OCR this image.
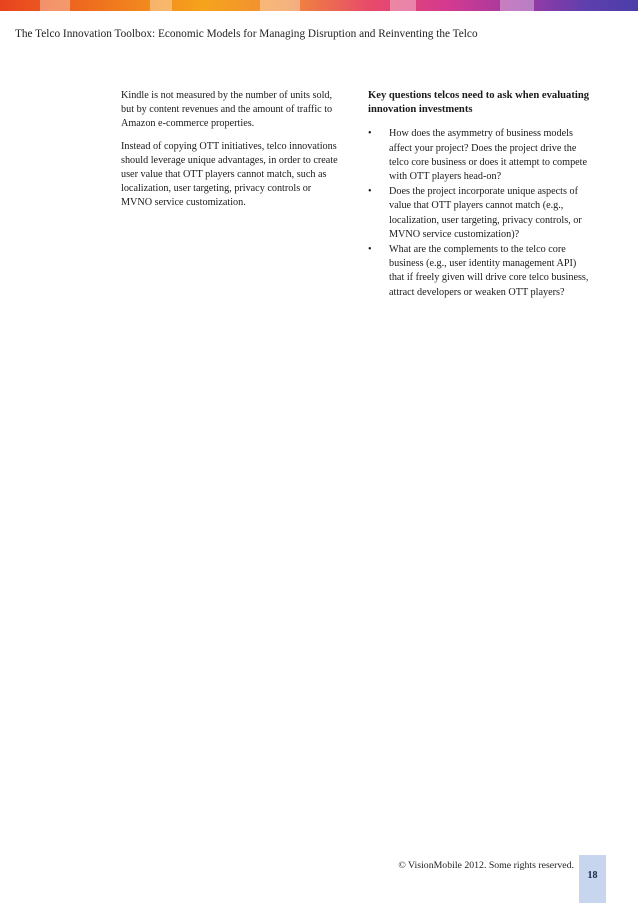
The Telco Innovation Toolbox: Economic Models for Managing Disruption and Reinventing the Telco

Kindle is not measured by the number of units sold, but by content revenues and the amount of traffic to Amazon e-commerce properties.

Instead of copying OTT initiatives, telco innovations should leverage unique advantages, in order to create user value that OTT players cannot match, such as localization, user targeting, privacy controls or MVNO service customization.

Key questions telcos need to ask when evaluating innovation investments
• How does the asymmetry of business models affect your project? Does the project drive the telco core business or does it attempt to compete with OTT players head-on?
• Does the project incorporate unique aspects of value that OTT players cannot match (e.g., localization, user targeting, privacy controls, or MVNO service customization)?
• What are the complements to the telco core business (e.g., user identity management API) that if freely given will drive core telco business, attract developers or weaken OTT players?
© VisionMobile 2012. Some rights reserved.
18
